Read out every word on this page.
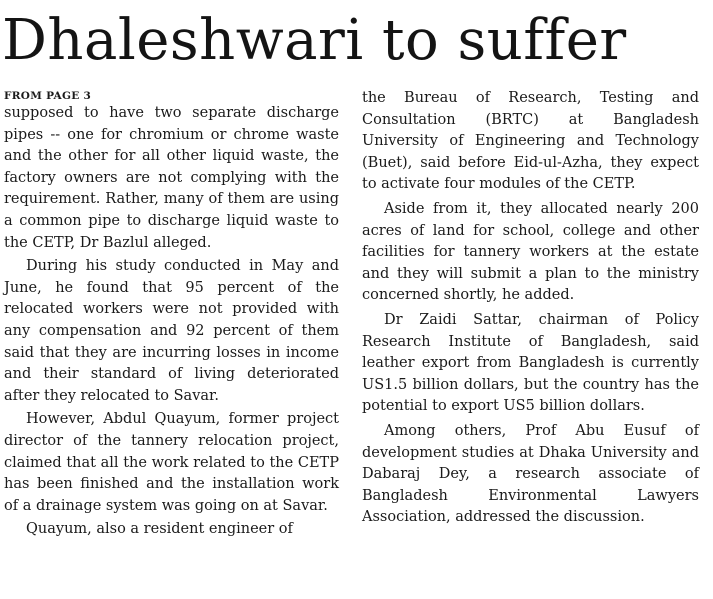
Dhaleshwari to suffer
FROM PAGE 3

supposed to have two separate discharge pipes -- one for chromium or chrome waste and the other for all other liquid waste, the factory owners are not complying with the requirement. Rather, many of them are using a common pipe to discharge liquid waste to the CETP, Dr Bazlul alleged.

During his study conducted in May and June, he found that 95 percent of the relocated workers were not provided with any compensation and 92 percent of them said that they are incurring losses in income and their standard of living deteriorated after they relocated to Savar.

However, Abdul Quayum, former project director of the tannery relocation project, claimed that all the work related to the CETP has been finished and the installation work of a drainage system was going on at Savar.

Quayum, also a resident engineer of

the Bureau of Research, Testing and Consultation (BRTC) at Bangladesh University of Engineering and Technology (Buet), said before Eid-ul-Azha, they expect to activate four modules of the CETP.

Aside from it, they allocated nearly 200 acres of land for school, college and other facilities for tannery workers at the estate and they will submit a plan to the ministry concerned shortly, he added.

Dr Zaidi Sattar, chairman of Policy Research Institute of Bangladesh, said leather export from Bangladesh is currently US1.5 billion dollars, but the country has the potential to export US5 billion dollars.

Among others, Prof Abu Eusuf of development studies at Dhaka University and Dabaraj Dey, a research associate of Bangladesh Environmental Lawyers Association, addressed the discussion.
